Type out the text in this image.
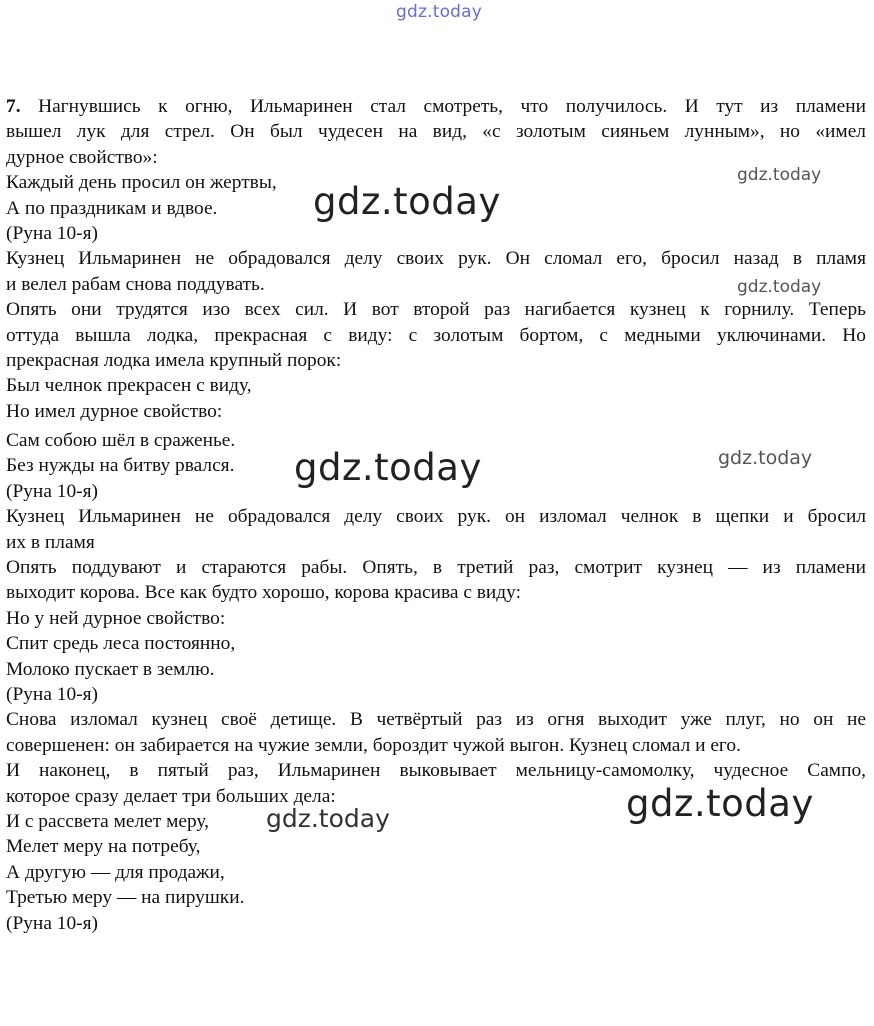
gdz.today
7. Нагнувшись к огню, Ильмаринен стал смотреть, что получилось. И тут из пламени
вышел лук для стрел. Он был чудесен на вид, «с золотым сияньем лунным», но «имел
дурное свойство»:
Каждый день просил он жертвы,
А по праздникам и вдвое.
(Руна 10-я)
Кузнец Ильмаринен не обрадовался делу своих рук. Он сломал его, бросил назад в пламя
и велел рабам снова поддувать.
Опять они трудятся изо всех сил. И вот второй раз нагибается кузнец к горнилу. Теперь
оттуда вышла лодка, прекрасная с виду: с золотым бортом, с медными уключинами. Но
прекрасная лодка имела крупный порок:
Был челнок прекрасен с виду,
Но имел дурное свойство:
Сам собою шёл в сраженье.
Без нужды на битву рвался.
(Руна 10-я)
Кузнец Ильмаринен не обрадовался делу своих рук. он изломал челнок в щепки и бросил
их в пламя
Опять поддувают и стараются рабы. Опять, в третий раз, смотрит кузнец — из пламени
выходит корова. Все как будто хорошо, корова красива с виду:
Но у ней дурное свойство:
Спит средь леса постоянно,
Молоко пускает в землю.
(Руна 10-я)
Снова изломал кузнец своё детище. В четвёртый раз из огня выходит уже плуг, но он не
совершенен: он забирается на чужие земли, бороздит чужой выгон. Кузнец сломал и его.
И наконец, в пятый раз, Ильмаринен выковывает мельницу-самомолку, чудесное Сампо,
которое сразу делает три больших дела:
И с рассвета мелет меру,
Мелет меру на потребу,
А другую — для продажи,
Третью меру — на пирушки.
(Руна 10-я)
gdz.today
gdz.today
gdz.today
gdz.today	gdz.today
gdz.today
gdz.today
